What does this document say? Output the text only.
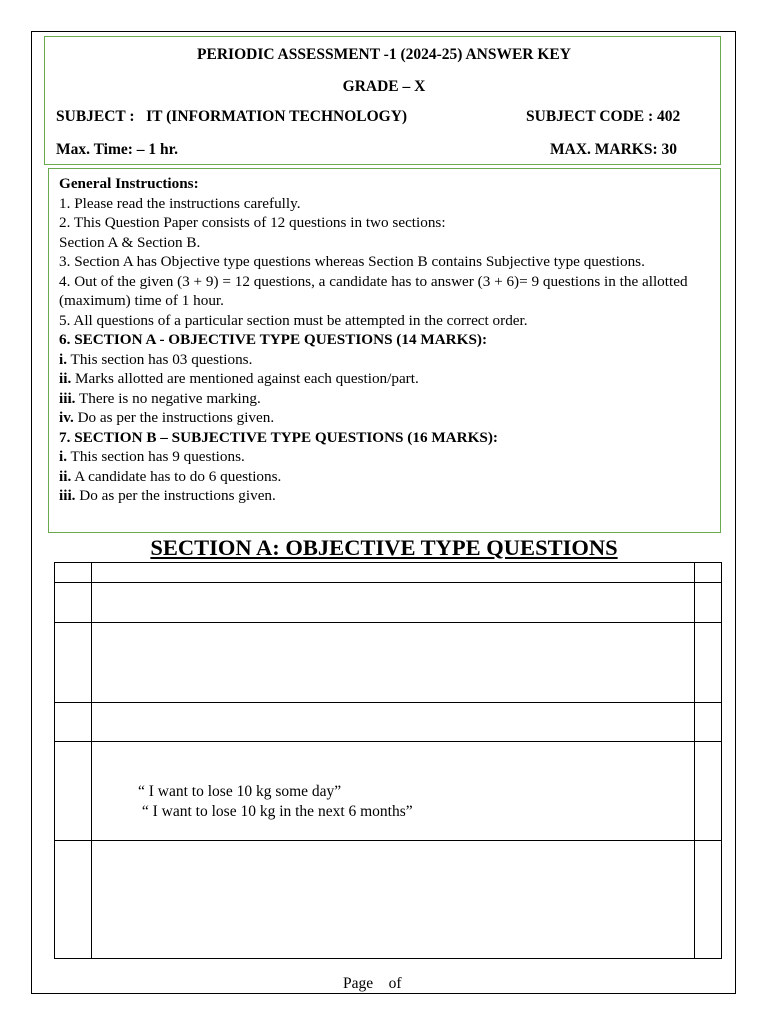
PERIODIC ASSESSMENT -1 (2024-25) ANSWER KEY
GRADE – X
SUBJECT :   IT (INFORMATION TECHNOLOGY)	SUBJECT CODE : 402
Max. Time: – 1 hr.	MAX. MARKS: 30

General Instructions:

1. Please read the instructions carefully.

2. This Question Paper consists of 12 questions in two sections:

Section A & Section B.

3. Section A has Objective type questions whereas Section B contains Subjective type questions.

4. Out of the given (3 + 9) = 12 questions, a candidate has to answer (3 + 6)= 9 questions in the allotted (maximum) time of 1 hour.

5. All questions of a particular section must be attempted in the correct order.

6. SECTION A - OBJECTIVE TYPE QUESTIONS (14 MARKS):

i. This section has 03 questions.

ii. Marks allotted are mentioned against each question/part.

iii. There is no negative marking.

iv. Do as per the instructions given.

7. SECTION B – SUBJECTIVE TYPE QUESTIONS (16 MARKS):

i. This section has 9 questions.

ii. A candidate has to do 6 questions.

iii. Do as per the instructions given.

SECTION A: OBJECTIVE TYPE QUESTIONS

	“ I want to lose 10 kg some day”
“ I want to lose 10 kg in the next 6 months”	

Page    of
